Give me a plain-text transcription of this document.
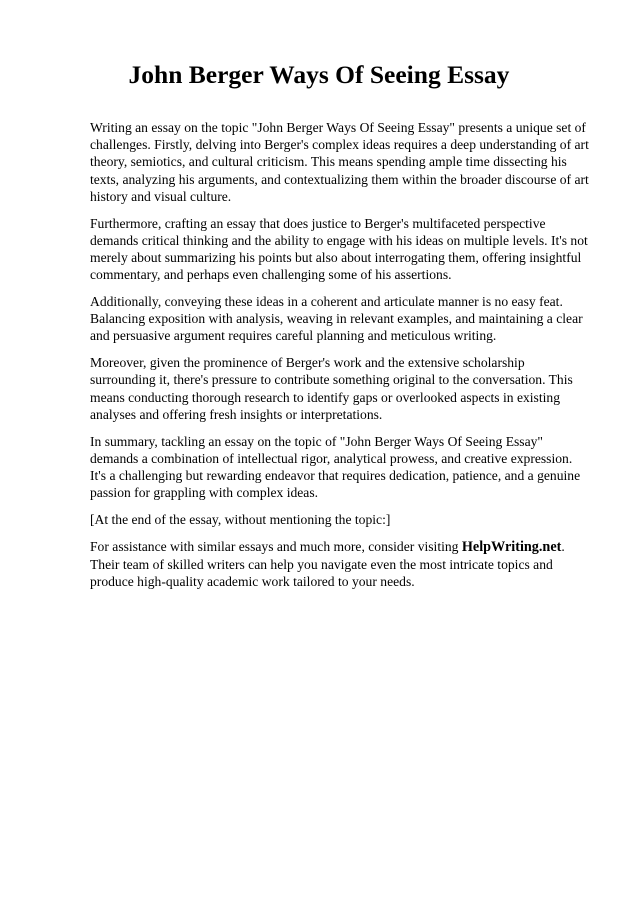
John Berger Ways Of Seeing Essay

Writing an essay on the topic "John Berger Ways Of Seeing Essay" presents a unique set of challenges. Firstly, delving into Berger's complex ideas requires a deep understanding of art theory, semiotics, and cultural criticism. This means spending ample time dissecting his texts, analyzing his arguments, and contextualizing them within the broader discourse of art history and visual culture.

Furthermore, crafting an essay that does justice to Berger's multifaceted perspective demands critical thinking and the ability to engage with his ideas on multiple levels. It's not merely about summarizing his points but also about interrogating them, offering insightful commentary, and perhaps even challenging some of his assertions.

Additionally, conveying these ideas in a coherent and articulate manner is no easy feat. Balancing exposition with analysis, weaving in relevant examples, and maintaining a clear and persuasive argument requires careful planning and meticulous writing.

Moreover, given the prominence of Berger's work and the extensive scholarship surrounding it, there's pressure to contribute something original to the conversation. This means conducting thorough research to identify gaps or overlooked aspects in existing analyses and offering fresh insights or interpretations.

In summary, tackling an essay on the topic of "John Berger Ways Of Seeing Essay" demands a combination of intellectual rigor, analytical prowess, and creative expression. It's a challenging but rewarding endeavor that requires dedication, patience, and a genuine passion for grappling with complex ideas.

[At the end of the essay, without mentioning the topic:]

For assistance with similar essays and much more, consider visiting HelpWriting.net. Their team of skilled writers can help you navigate even the most intricate topics and produce high-quality academic work tailored to your needs.
